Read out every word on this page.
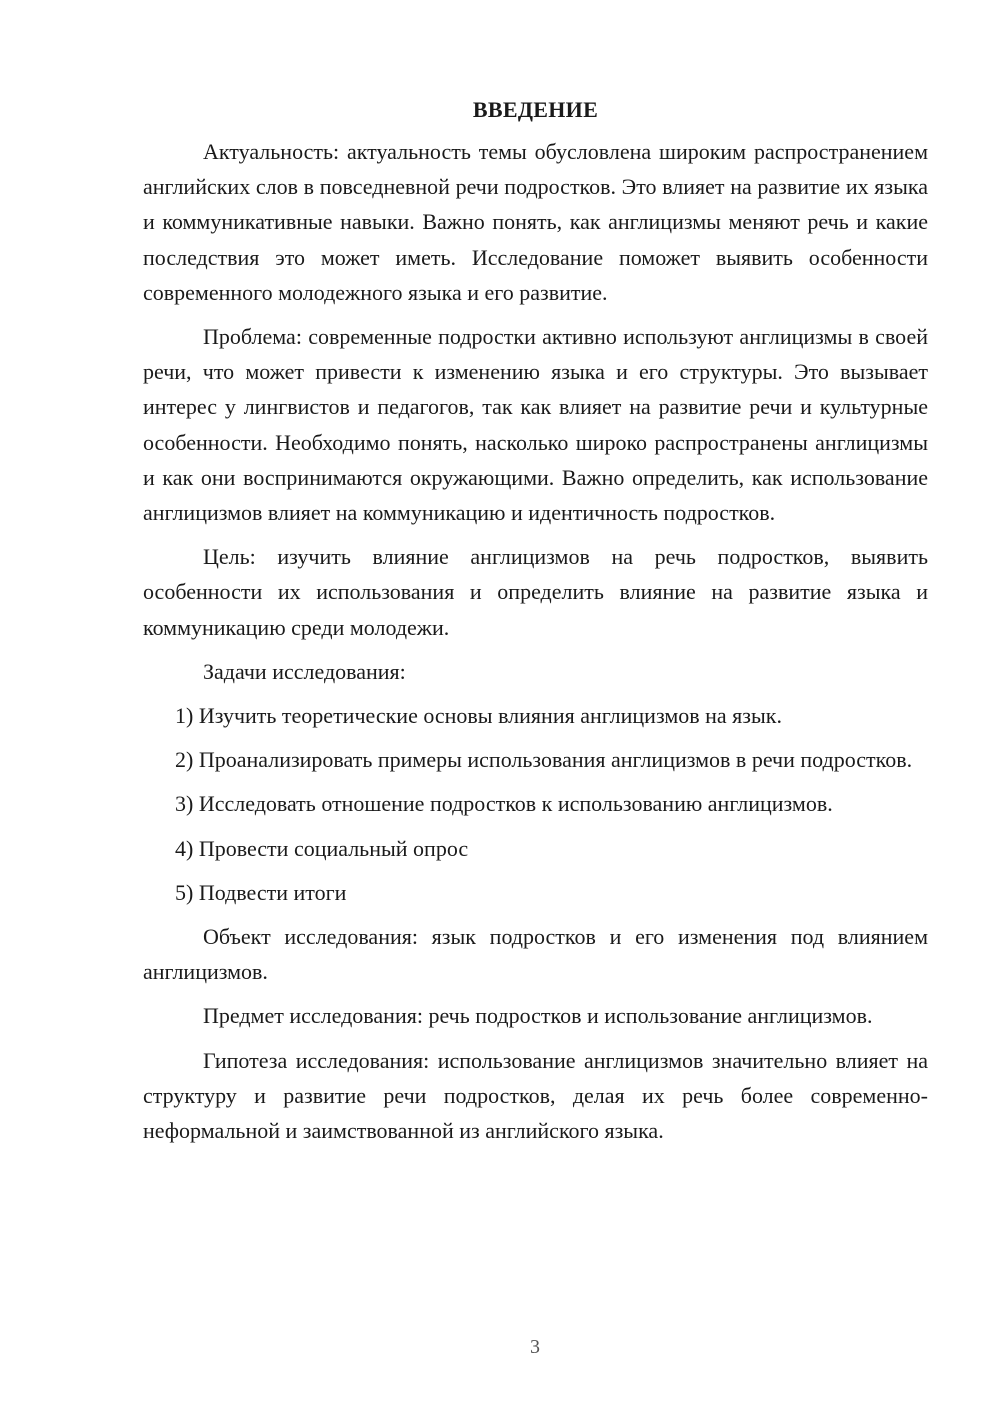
ВВЕДЕНИЕ
Актуальность: актуальность темы обусловлена широким распространением английских слов в повседневной речи подростков. Это влияет на развитие их языка и коммуникативные навыки. Важно понять, как англицизмы меняют речь и какие последствия это может иметь. Исследование поможет выявить особенности современного молодежного языка и его развитие.
Проблема: современные подростки активно используют англицизмы в своей речи, что может привести к изменению языка и его структуры. Это вызывает интерес у лингвистов и педагогов, так как влияет на развитие речи и культурные особенности. Необходимо понять, насколько широко распространены англицизмы и как они воспринимаются окружающими. Важно определить, как использование англицизмов влияет на коммуникацию и идентичность подростков.
Цель: изучить влияние англицизмов на речь подростков, выявить особенности их использования и определить влияние на развитие языка и коммуникацию среди молодежи.
Задачи исследования:
1) Изучить теоретические основы влияния англицизмов на язык.
2) Проанализировать примеры использования англицизмов в речи подростков.
3) Исследовать отношение подростков к использованию англицизмов.
4) Провести социальный опрос
5) Подвести итоги
Объект исследования: язык подростков и его изменения под влиянием англицизмов.
Предмет исследования: речь подростков и использование англицизмов.
Гипотеза исследования: использование англицизмов значительно влияет на структуру и развитие речи подростков, делая их речь более современно-неформальной и заимствованной из английского языка.
3
